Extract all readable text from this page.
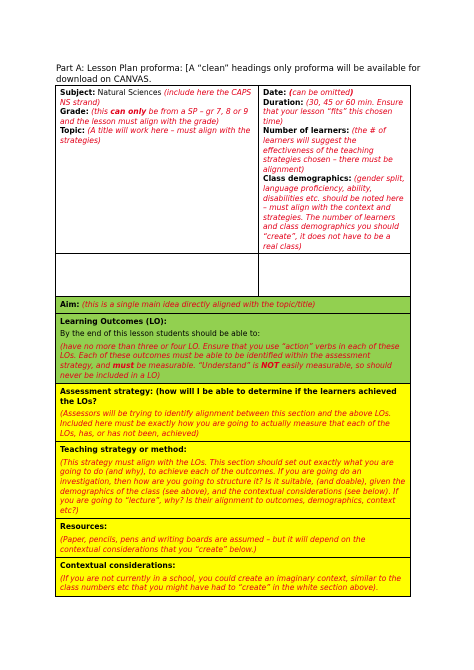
Part A: Lesson Plan proforma: [A “clean” headings only proforma will be available for download on CANVAS.
Subject: Natural Sciences (include here the CAPS NS strand)
Grade: (this can only be from a SP – gr 7, 8 or 9 and the lesson must align with the grade)
Topic: (A title will work here – must align with the strategies)
Date: (can be omitted)
Duration: (30, 45 or 60 min. Ensure that your lesson “fits” this chosen time)
Number of learners: (the # of learners will suggest the effectiveness of the teaching strategies chosen – there must be alignment)
Class demographics: (gender split, language proficiency, ability, disabilities etc. should be noted here – must align with the context and strategies. The number of learners and class demographics you should “create”, it does not have to be a real class)
Aim: (this is a single main idea directly aligned with the topic/title)
Learning Outcomes (LO):

By the end of this lesson students should be able to:

(have no more than three or four LO. Ensure that you use “action” verbs in each of these LOs. Each of these outcomes must be able to be identified within the assessment strategy, and must be measurable. “Understand” is NOT easily measurable, so should never be included in a LO)

Assessment strategy: (how will I be able to determine if the learners achieved the LOs?

(Assessors will be trying to identify alignment between this section and the above LOs. Included here must be exactly how you are going to actually measure that each of the LOs, has, or has not been, achieved)

Teaching strategy or method:

(This strategy must align with the LOs. This section should set out exactly what you are going to do (and why), to achieve each of the outcomes. If you are going do an investigation, then how are you going to structure it? Is it suitable, (and doable), given the demographics of the class (see above), and the contextual considerations (see below). If you are going to “lecture”, why? Is their alignment to outcomes, demographics, context etc?)

Resources:

(Paper, pencils, pens and writing boards are assumed – but it will depend on the contextual considerations that you “create” below.)

Contextual considerations:

(If you are not currently in a school, you could create an imaginary context, similar to the class numbers etc that you might have had to “create” in the white section above).
